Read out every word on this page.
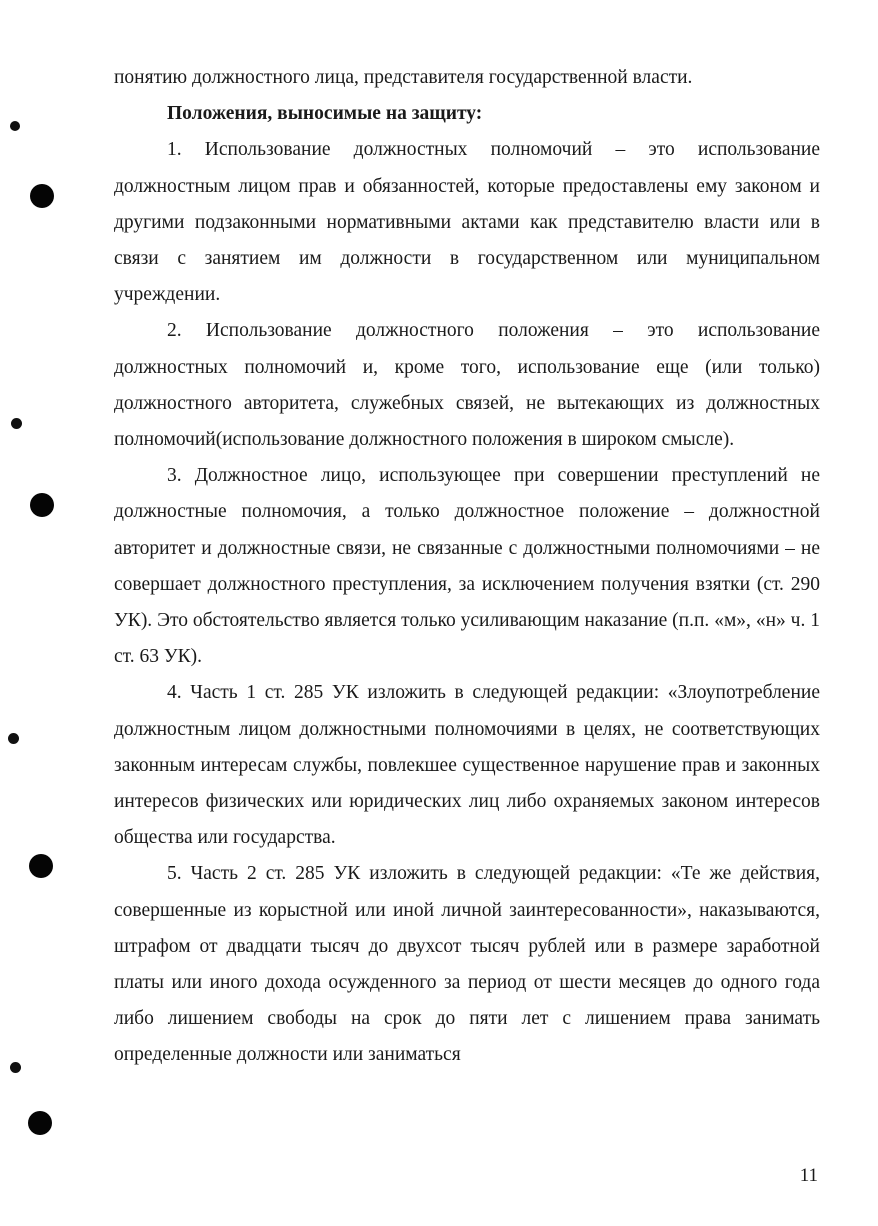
понятию должностного лица, представителя государственной власти.

Положения, выносимые на защиту:

1. Использование должностных полномочий – это использование должностным лицом прав и обязанностей, которые предоставлены ему законом и другими подзаконными нормативными актами как представителю власти или в связи с занятием им должности в государственном или муниципальном учреждении.

2. Использование должностного положения – это использование должностных полномочий и, кроме того, использование еще (или только) должностного авторитета, служебных связей, не вытекающих из должностных полномочий(использование должностного положения в широком смысле).

3. Должностное лицо, использующее при совершении преступлений не должностные полномочия, а только должностное положение – должностной авторитет и должностные связи, не связанные с должностными полномочиями – не совершает должностного преступления, за исключением получения взятки (ст. 290 УК). Это обстоятельство является только усиливающим наказание (п.п. «м», «н» ч. 1 ст. 63 УК).

4. Часть 1 ст. 285 УК изложить в следующей редакции: «Злоупотребление должностным лицом должностными полномочиями в целях, не соответствующих законным интересам службы, повлекшее существенное нарушение прав и законных интересов физических или юридических лиц либо охраняемых законом интересов общества или государства.

5. Часть 2 ст. 285 УК изложить в следующей редакции: «Те же действия, совершенные из корыстной или иной личной заинтересованности», наказываются, штрафом от двадцати тысяч до двухсот тысяч рублей или в размере заработной платы или иного дохода осужденного за период от шести месяцев до одного года либо лишением свободы на срок до пяти лет с лишением права занимать определенные должности или заниматься

11
